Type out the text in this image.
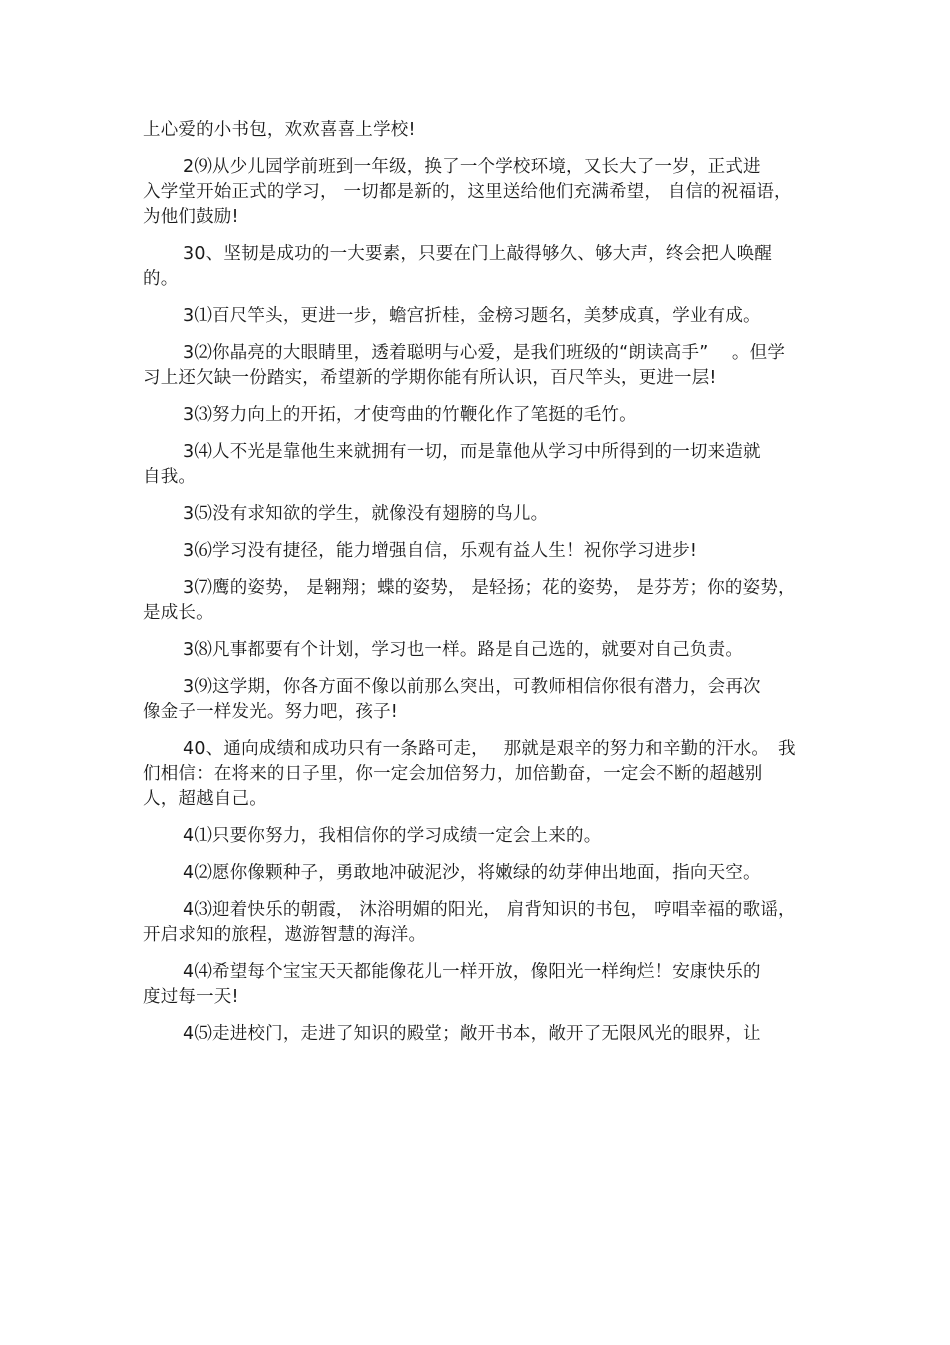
上心爱的小书包，欢欢喜喜上学校!
2⑼从少儿园学前班到一年级，换了一个学校环境，又长大了一岁，正式进
入学堂开始正式的学习， 一切都是新的，这里送给他们充满希望， 自信的祝福语，
为他们鼓励!
30、坚韧是成功的一大要素，只要在门上敲得够久、够大声，终会把人唤醒
的。
3⑴百尺竿头，更进一步，蟾宫折桂，金榜习题名，美梦成真，学业有成。
3⑵你晶亮的大眼睛里，透着聪明与心爱，是我们班级的“朗读高手”　 。但学
习上还欠缺一份踏实，希望新的学期你能有所认识，百尺竿头，更进一层!
3⑶努力向上的开拓，才使弯曲的竹鞭化作了笔挺的毛竹。
3⑷人不光是靠他生来就拥有一切，而是靠他从学习中所得到的一切来造就
自我。
3⑸没有求知欲的学生，就像没有翅膀的鸟儿。
3⑹学习没有捷径，能力增强自信，乐观有益人生！祝你学习进步!
3⑺鹰的姿势， 是翱翔；蝶的姿势， 是轻扬；花的姿势， 是芬芳；你的姿势，
是成长。
3⑻凡事都要有个计划，学习也一样。路是自己选的，就要对自己负责。
3⑼这学期，你各方面不像以前那么突出，可教师相信你很有潜力，会再次
像金子一样发光。努力吧，孩子!
40、通向成绩和成功只有一条路可走，　 那就是艰辛的努力和辛勤的汗水。　我
们相信：在将来的日子里，你一定会加倍努力，加倍勤奋，一定会不断的超越别
人，超越自己。
4⑴只要你努力，我相信你的学习成绩一定会上来的。
4⑵愿你像颗种子，勇敢地冲破泥沙，将嫩绿的幼芽伸出地面，指向天空。
4⑶迎着快乐的朝霞， 沐浴明媚的阳光， 肩背知识的书包， 哼唱幸福的歌谣，
开启求知的旅程，遨游智慧的海洋。
4⑷希望每个宝宝天天都能像花儿一样开放，像阳光一样绚烂！安康快乐的
度过每一天!
4⑸走进校门，走进了知识的殿堂；敞开书本，敞开了无限风光的眼界，让
